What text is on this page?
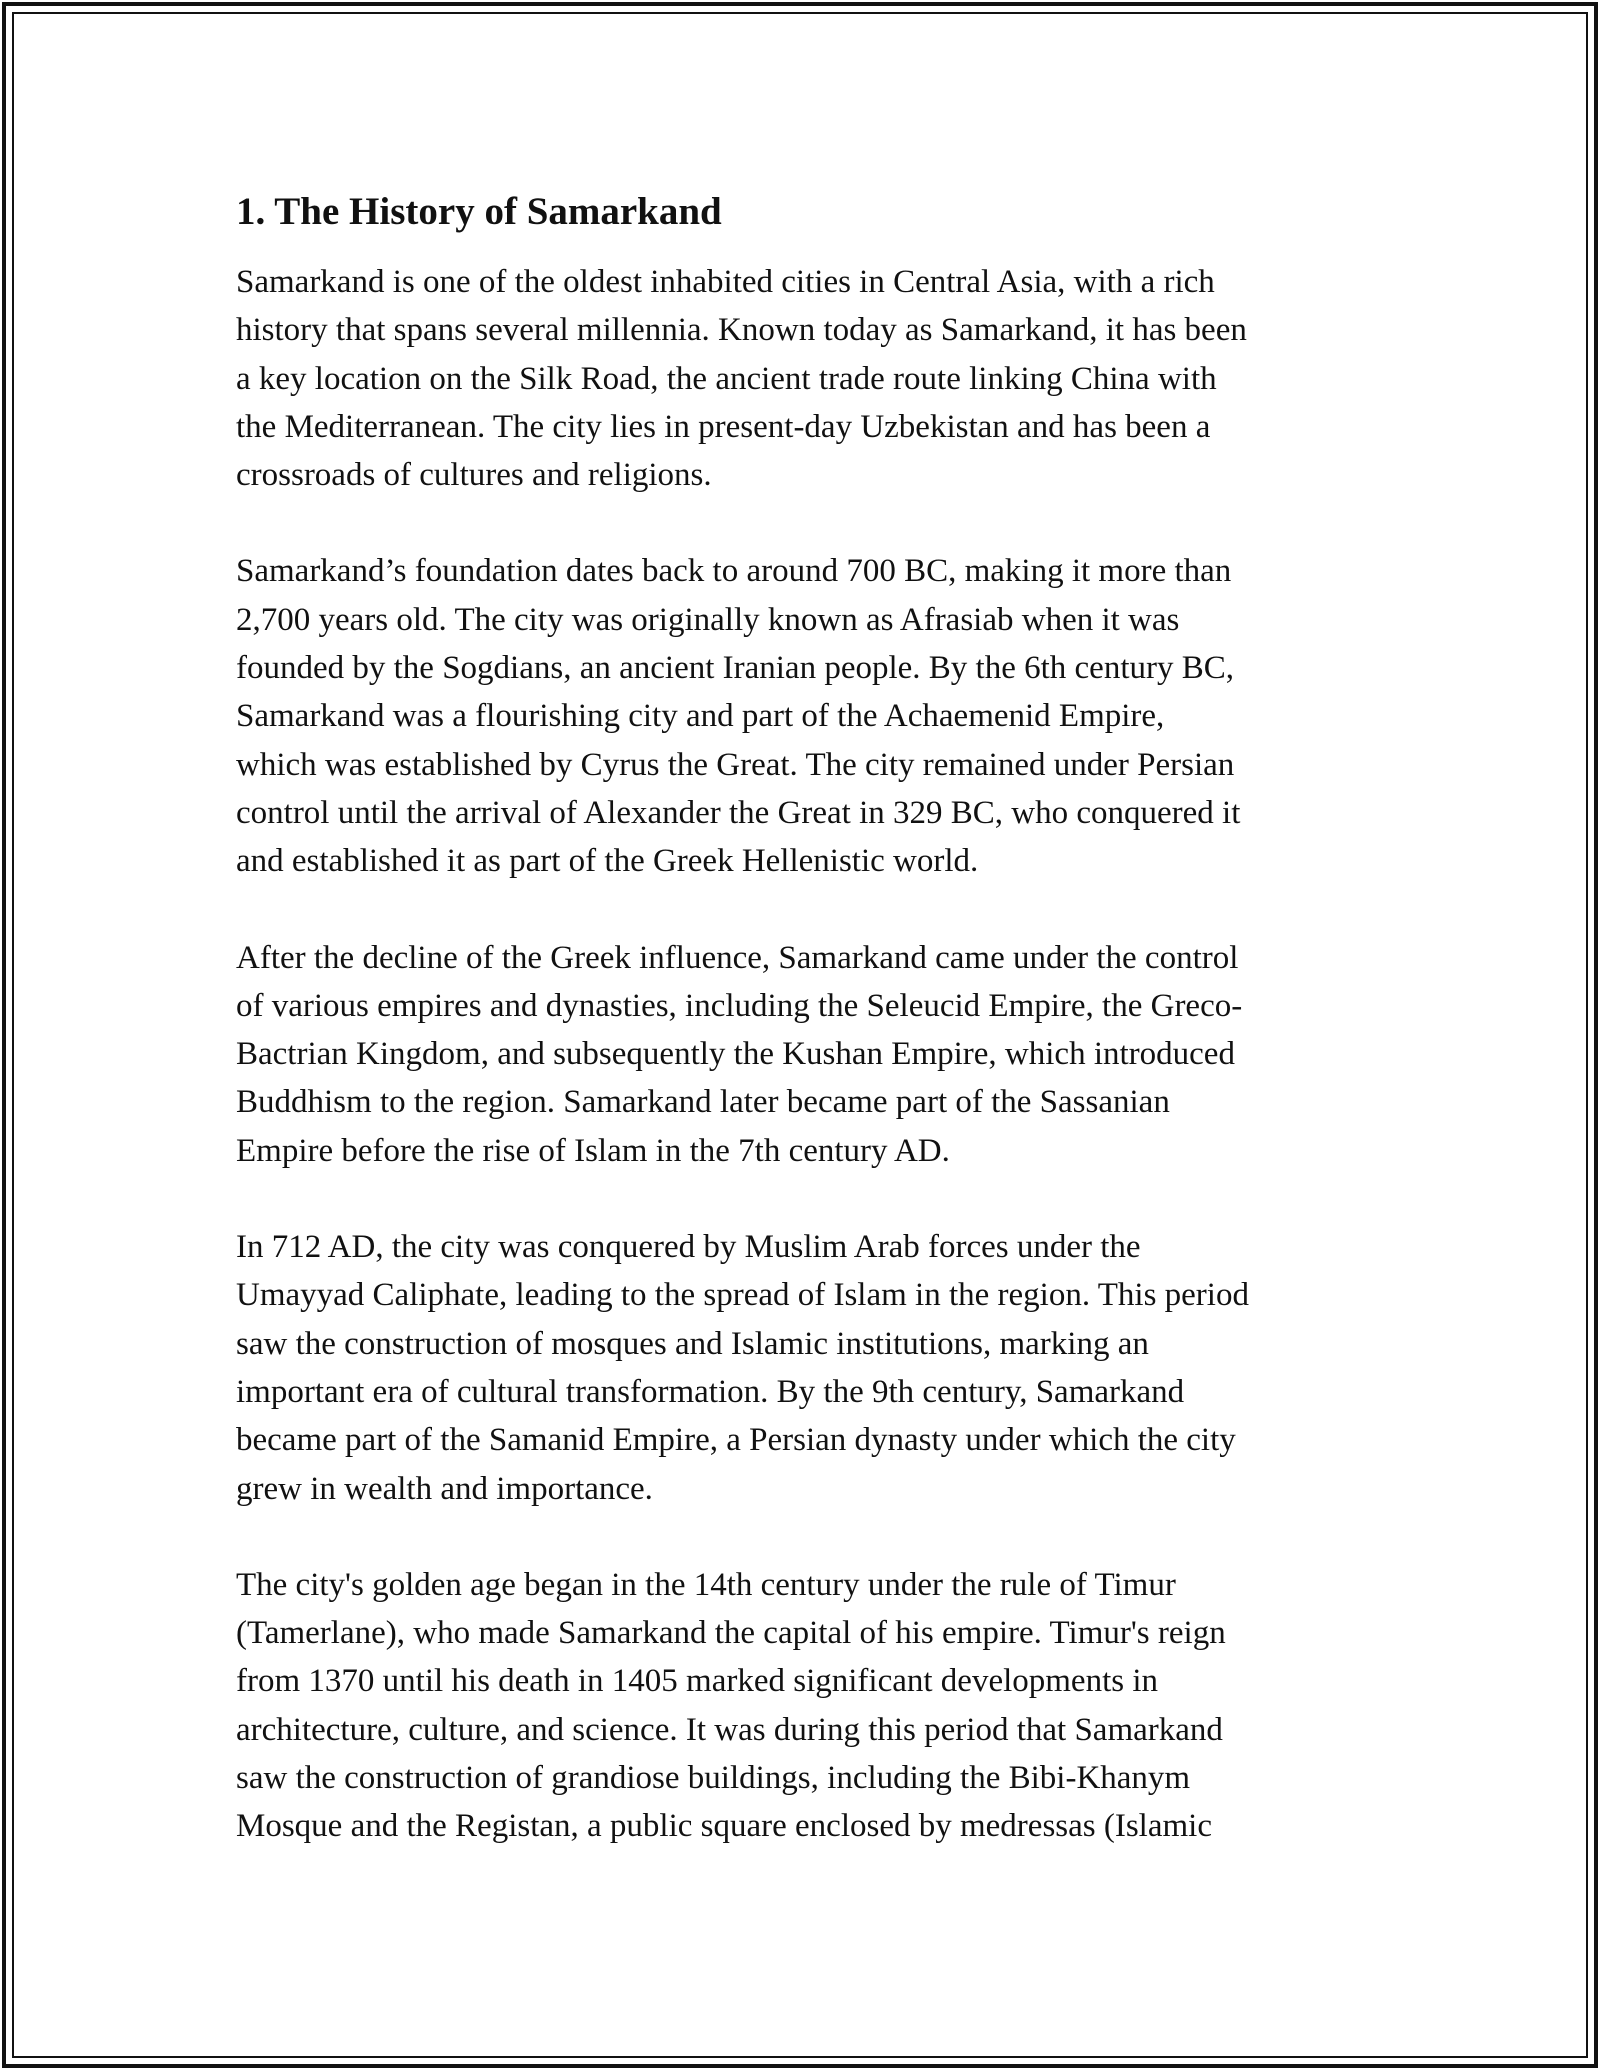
1. The History of Samarkand

Samarkand is one of the oldest inhabited cities in Central Asia, with a rich
history that spans several millennia. Known today as Samarkand, it has been
a key location on the Silk Road, the ancient trade route linking China with
the Mediterranean. The city lies in present-day Uzbekistan and has been a
crossroads of cultures and religions.

Samarkand’s foundation dates back to around 700 BC, making it more than
2,700 years old. The city was originally known as Afrasiab when it was
founded by the Sogdians, an ancient Iranian people. By the 6th century BC,
Samarkand was a flourishing city and part of the Achaemenid Empire,
which was established by Cyrus the Great. The city remained under Persian
control until the arrival of Alexander the Great in 329 BC, who conquered it
and established it as part of the Greek Hellenistic world.

After the decline of the Greek influence, Samarkand came under the control
of various empires and dynasties, including the Seleucid Empire, the Greco-
Bactrian Kingdom, and subsequently the Kushan Empire, which introduced
Buddhism to the region. Samarkand later became part of the Sassanian
Empire before the rise of Islam in the 7th century AD.

In 712 AD, the city was conquered by Muslim Arab forces under the
Umayyad Caliphate, leading to the spread of Islam in the region. This period
saw the construction of mosques and Islamic institutions, marking an
important era of cultural transformation. By the 9th century, Samarkand
became part of the Samanid Empire, a Persian dynasty under which the city
grew in wealth and importance.

The city's golden age began in the 14th century under the rule of Timur
(Tamerlane), who made Samarkand the capital of his empire. Timur's reign
from 1370 until his death in 1405 marked significant developments in
architecture, culture, and science. It was during this period that Samarkand
saw the construction of grandiose buildings, including the Bibi-Khanym
Mosque and the Registan, a public square enclosed by medressas (Islamic
